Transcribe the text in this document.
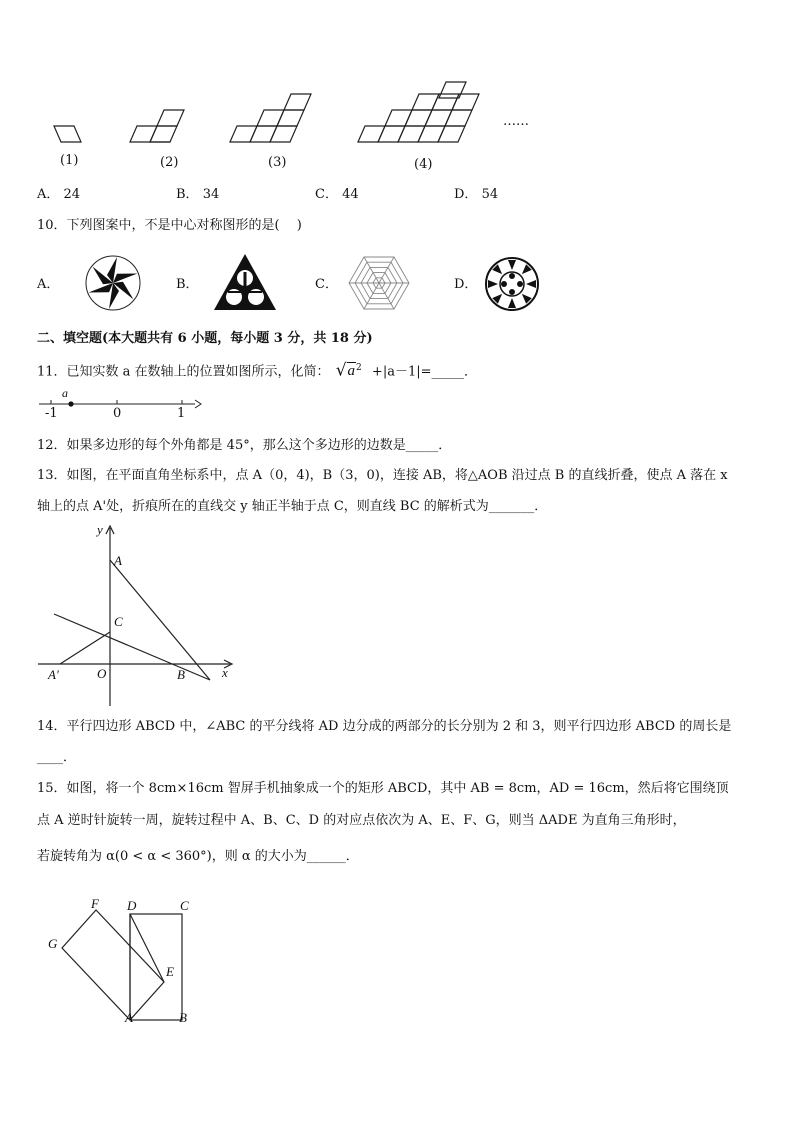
(1)	(2)	(3)	(4)
……
A． 24	B． 34	C． 44	D． 54
10．下列图案中，不是中心对称图形的是(　 )
A．	B．	C．	D．
二、填空题(本大题共有 6 小题，每小题 3 分，共 18 分)
11．已知实数 a 在数轴上的位置如图所示，化简： $√a^2$ +|a－1|=_____．
a
-1	0	1
12．如果多边形的每个外角都是 45°，那么这个多边形的边数是_____．
13．如图，在平面直角坐标系中，点 A（0，4)，B（3，0)，连接 AB，将△AOB 沿过点 B 的直线折叠，使点 A 落在 x
轴上的点 A'处，折痕所在的直线交 y 轴正半轴于点 C，则直线 BC 的解析式为_______．
y
A
C
A′	O	B	x
14．平行四边形 ABCD 中，∠ABC 的平分线将 AD 边分成的两部分的长分别为 2 和 3，则平行四边形 ABCD 的周长是
____．
15．如图，将一个 8cm×16cm 智屏手机抽象成一个的矩形 ABCD，其中 AB = 8cm，AD = 16cm，然后将它围绕顶
点 A 逆时针旋转一周，旋转过程中 A、B、C、D 的对应点依次为 A、E、F、G，则当 ΔADE 为直角三角形时，
若旋转角为 α(0 < α < 360°)，则 α 的大小为______．
F D	C
G
E
A	B
